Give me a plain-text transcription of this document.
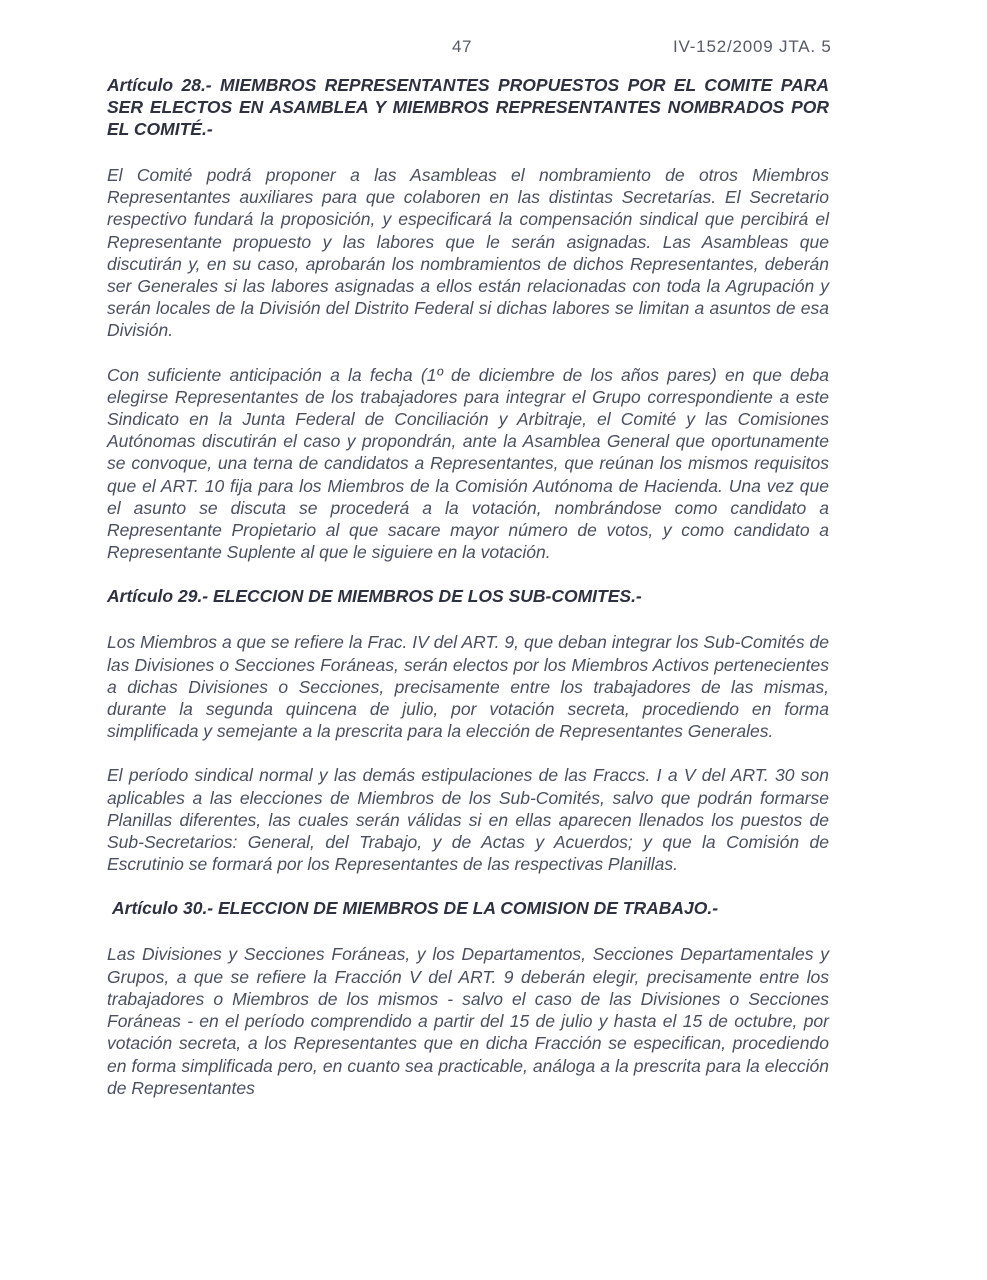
47	IV-152/2009 JTA. 5

Artículo 28.- MIEMBROS REPRESENTANTES PROPUESTOS POR EL COMITE PARA SER ELECTOS EN ASAMBLEA Y MIEMBROS REPRESENTANTES NOMBRADOS POR EL COMITÉ.-

El Comité podrá proponer a las Asambleas el nombramiento de otros Miembros Representantes auxiliares para que colaboren en las distintas Secretarías. El Secretario respectivo fundará la proposición, y especificará la compensación sindical que percibirá el Representante propuesto y las labores que le serán asignadas. Las Asambleas que discutirán y, en su caso, aprobarán los nombramientos de dichos Representantes, deberán ser Generales si las labores asignadas a ellos están relacionadas con toda la Agrupación y serán locales de la División del Distrito Federal si dichas labores se limitan a asuntos de esa División.

Con suficiente anticipación a la fecha (1º de diciembre de los años pares) en que deba elegirse Representantes de los trabajadores para integrar el Grupo correspondiente a este Sindicato en la Junta Federal de Conciliación y Arbitraje, el Comité y las Comisiones Autónomas discutirán el caso y propondrán, ante la Asamblea General que oportunamente se convoque, una terna de candidatos a Representantes, que reúnan los mismos requisitos que el ART. 10 fija para los Miembros de la Comisión Autónoma de Hacienda. Una vez que el asunto se discuta se procederá a la votación, nombrándose como candidato a Representante Propietario al que sacare mayor número de votos, y como candidato a Representante Suplente al que le siguiere en la votación.

Artículo 29.- ELECCION DE MIEMBROS DE LOS SUB-COMITES.-

Los Miembros a que se refiere la Frac. IV del ART. 9, que deban integrar los Sub-Comités de las Divisiones o Secciones Foráneas, serán electos por los Miembros Activos pertenecientes a dichas Divisiones o Secciones, precisamente entre los trabajadores de las mismas, durante la segunda quincena de julio, por votación secreta, procediendo en forma simplificada y semejante a la prescrita para la elección de Representantes Generales.

El período sindical normal y las demás estipulaciones de las Fraccs. I a V del ART. 30 son aplicables a las elecciones de Miembros de los Sub-Comités, salvo que podrán formarse Planillas diferentes, las cuales serán válidas si en ellas aparecen llenados los puestos de Sub-Secretarios: General, del Trabajo, y de Actas y Acuerdos; y que la Comisión de Escrutinio se formará por los Representantes de las respectivas Planillas.

Artículo 30.- ELECCION DE MIEMBROS DE LA COMISION DE TRABAJO.-

Las Divisiones y Secciones Foráneas, y los Departamentos, Secciones Departamentales y Grupos, a que se refiere la Fracción V del ART. 9 deberán elegir, precisamente entre los trabajadores o Miembros de los mismos - salvo el caso de las Divisiones o Secciones Foráneas - en el período comprendido a partir del 15 de julio y hasta el 15 de octubre, por votación secreta, a los Representantes que en dicha Fracción se especifican, procediendo en forma simplificada pero, en cuanto sea practicable, análoga a la prescrita para la elección de Representantes
